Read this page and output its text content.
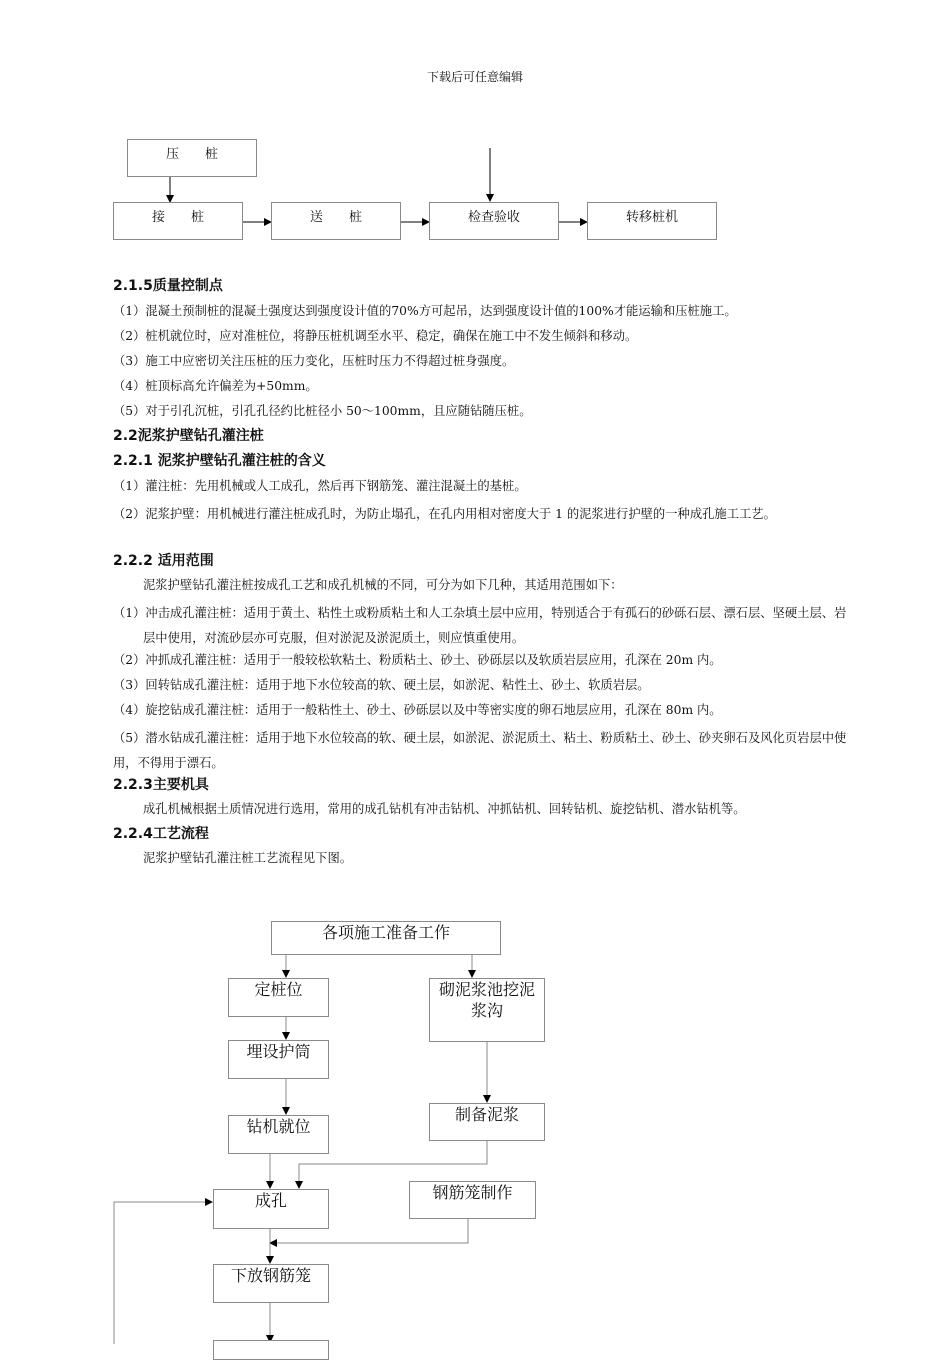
下载后可任意编辑
压　　桩
接　　桩	送　　桩	检查验收	转移桩机
2.1.5质量控制点
（1）混凝土预制桩的混凝土强度达到强度设计值的70%方可起吊，达到强度设计值的100%才能运输和压桩施工。
（2）桩机就位时，应对准桩位，将静压桩机调至水平、稳定，确保在施工中不发生倾斜和移动。
（3）施工中应密切关注压桩的压力变化，压桩时压力不得超过桩身强度。
（4）桩顶标高允许偏差为+50mm。
（5）对于引孔沉桩，引孔孔径约比桩径小 50～100mm，且应随钻随压桩。
2.2泥浆护壁钻孔灌注桩
2.2.1 泥浆护壁钻孔灌注桩的含义
（1）灌注桩：先用机械或人工成孔，然后再下钢筋笼、灌注混凝土的基桩。
（2）泥浆护壁：用机械进行灌注桩成孔时，为防止塌孔，在孔内用相对密度大于 1 的泥浆进行护壁的一种成孔施工工艺。
2.2.2 适用范围
泥浆护壁钻孔灌注桩按成孔工艺和成孔机械的不同，可分为如下几种，其适用范围如下：
（1）冲击成孔灌注桩：适用于黄土、粘性土或粉质粘土和人工杂填土层中应用，特别适合于有孤石的砂砾石层、漂石层、坚硬土层、岩层中使用，对流砂层亦可克服，但对淤泥及淤泥质土，则应慎重使用。
（2）冲抓成孔灌注桩：适用于一般较松软粘土、粉质粘土、砂土、砂砾层以及软质岩层应用，孔深在 20m 内。
（3）回转钻成孔灌注桩：适用于地下水位较高的软、硬土层，如淤泥、粘性土、砂土、软质岩层。
（4）旋挖钻成孔灌注桩：适用于一般粘性土、砂土、砂砾层以及中等密实度的卵石地层应用，孔深在 80m 内。
（5）潜水钻成孔灌注桩：适用于地下水位较高的软、硬土层，如淤泥、淤泥质土、粘土、粉质粘土、砂土、砂夹卵石及风化页岩层中使用，不得用于漂石。
2.2.3主要机具
成孔机械根据土质情况进行选用，常用的成孔钻机有冲击钻机、冲抓钻机、回转钻机、旋挖钻机、潜水钻机等。
2.2.4工艺流程
泥浆护壁钻孔灌注桩工艺流程见下图。
各项施工准备工作
定桩位	砌泥浆池挖泥浆沟
埋设护筒
制备泥浆
钻机就位
成孔	钢筋笼制作
下放钢筋笼
